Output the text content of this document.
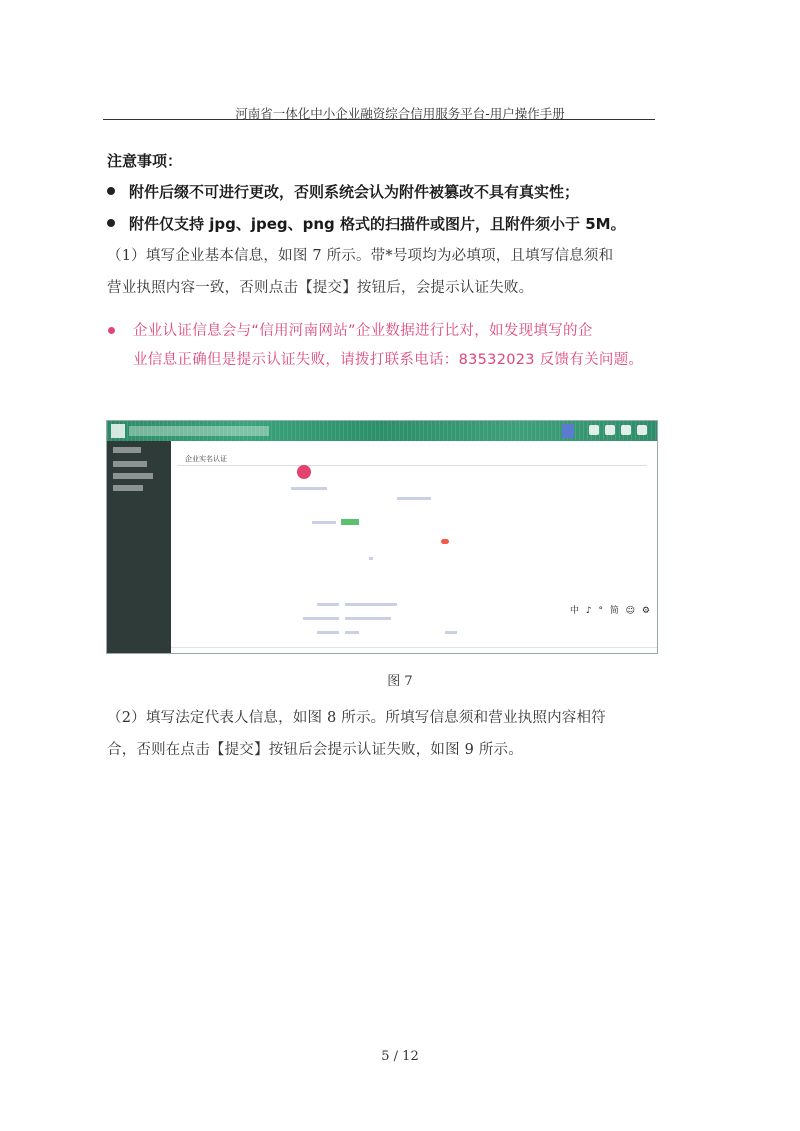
河南省一体化中小企业融资综合信用服务平台-用户操作手册
注意事项：
附件后缀不可进行更改，否则系统会认为附件被篡改不具有真实性；
附件仅支持 jpg、jpeg、png 格式的扫描件或图片，且附件须小于 5M。
（1）填写企业基本信息，如图 7 所示。带*号项均为必填项，且填写信息须和
营业执照内容一致，否则点击【提交】按钮后，会提示认证失败。
企业认证信息会与“信用河南网站”企业数据进行比对，如发现填写的企
业信息正确但是提示认证失败，请拨打联系电话：83532023 反馈有关问题。
企业实名认证
中 ♪ ° 简 ☺ ⚙
图 7
（2）填写法定代表人信息，如图 8 所示。所填写信息须和营业执照内容相符
合，否则在点击【提交】按钮后会提示认证失败，如图 9 所示。
5 / 12
